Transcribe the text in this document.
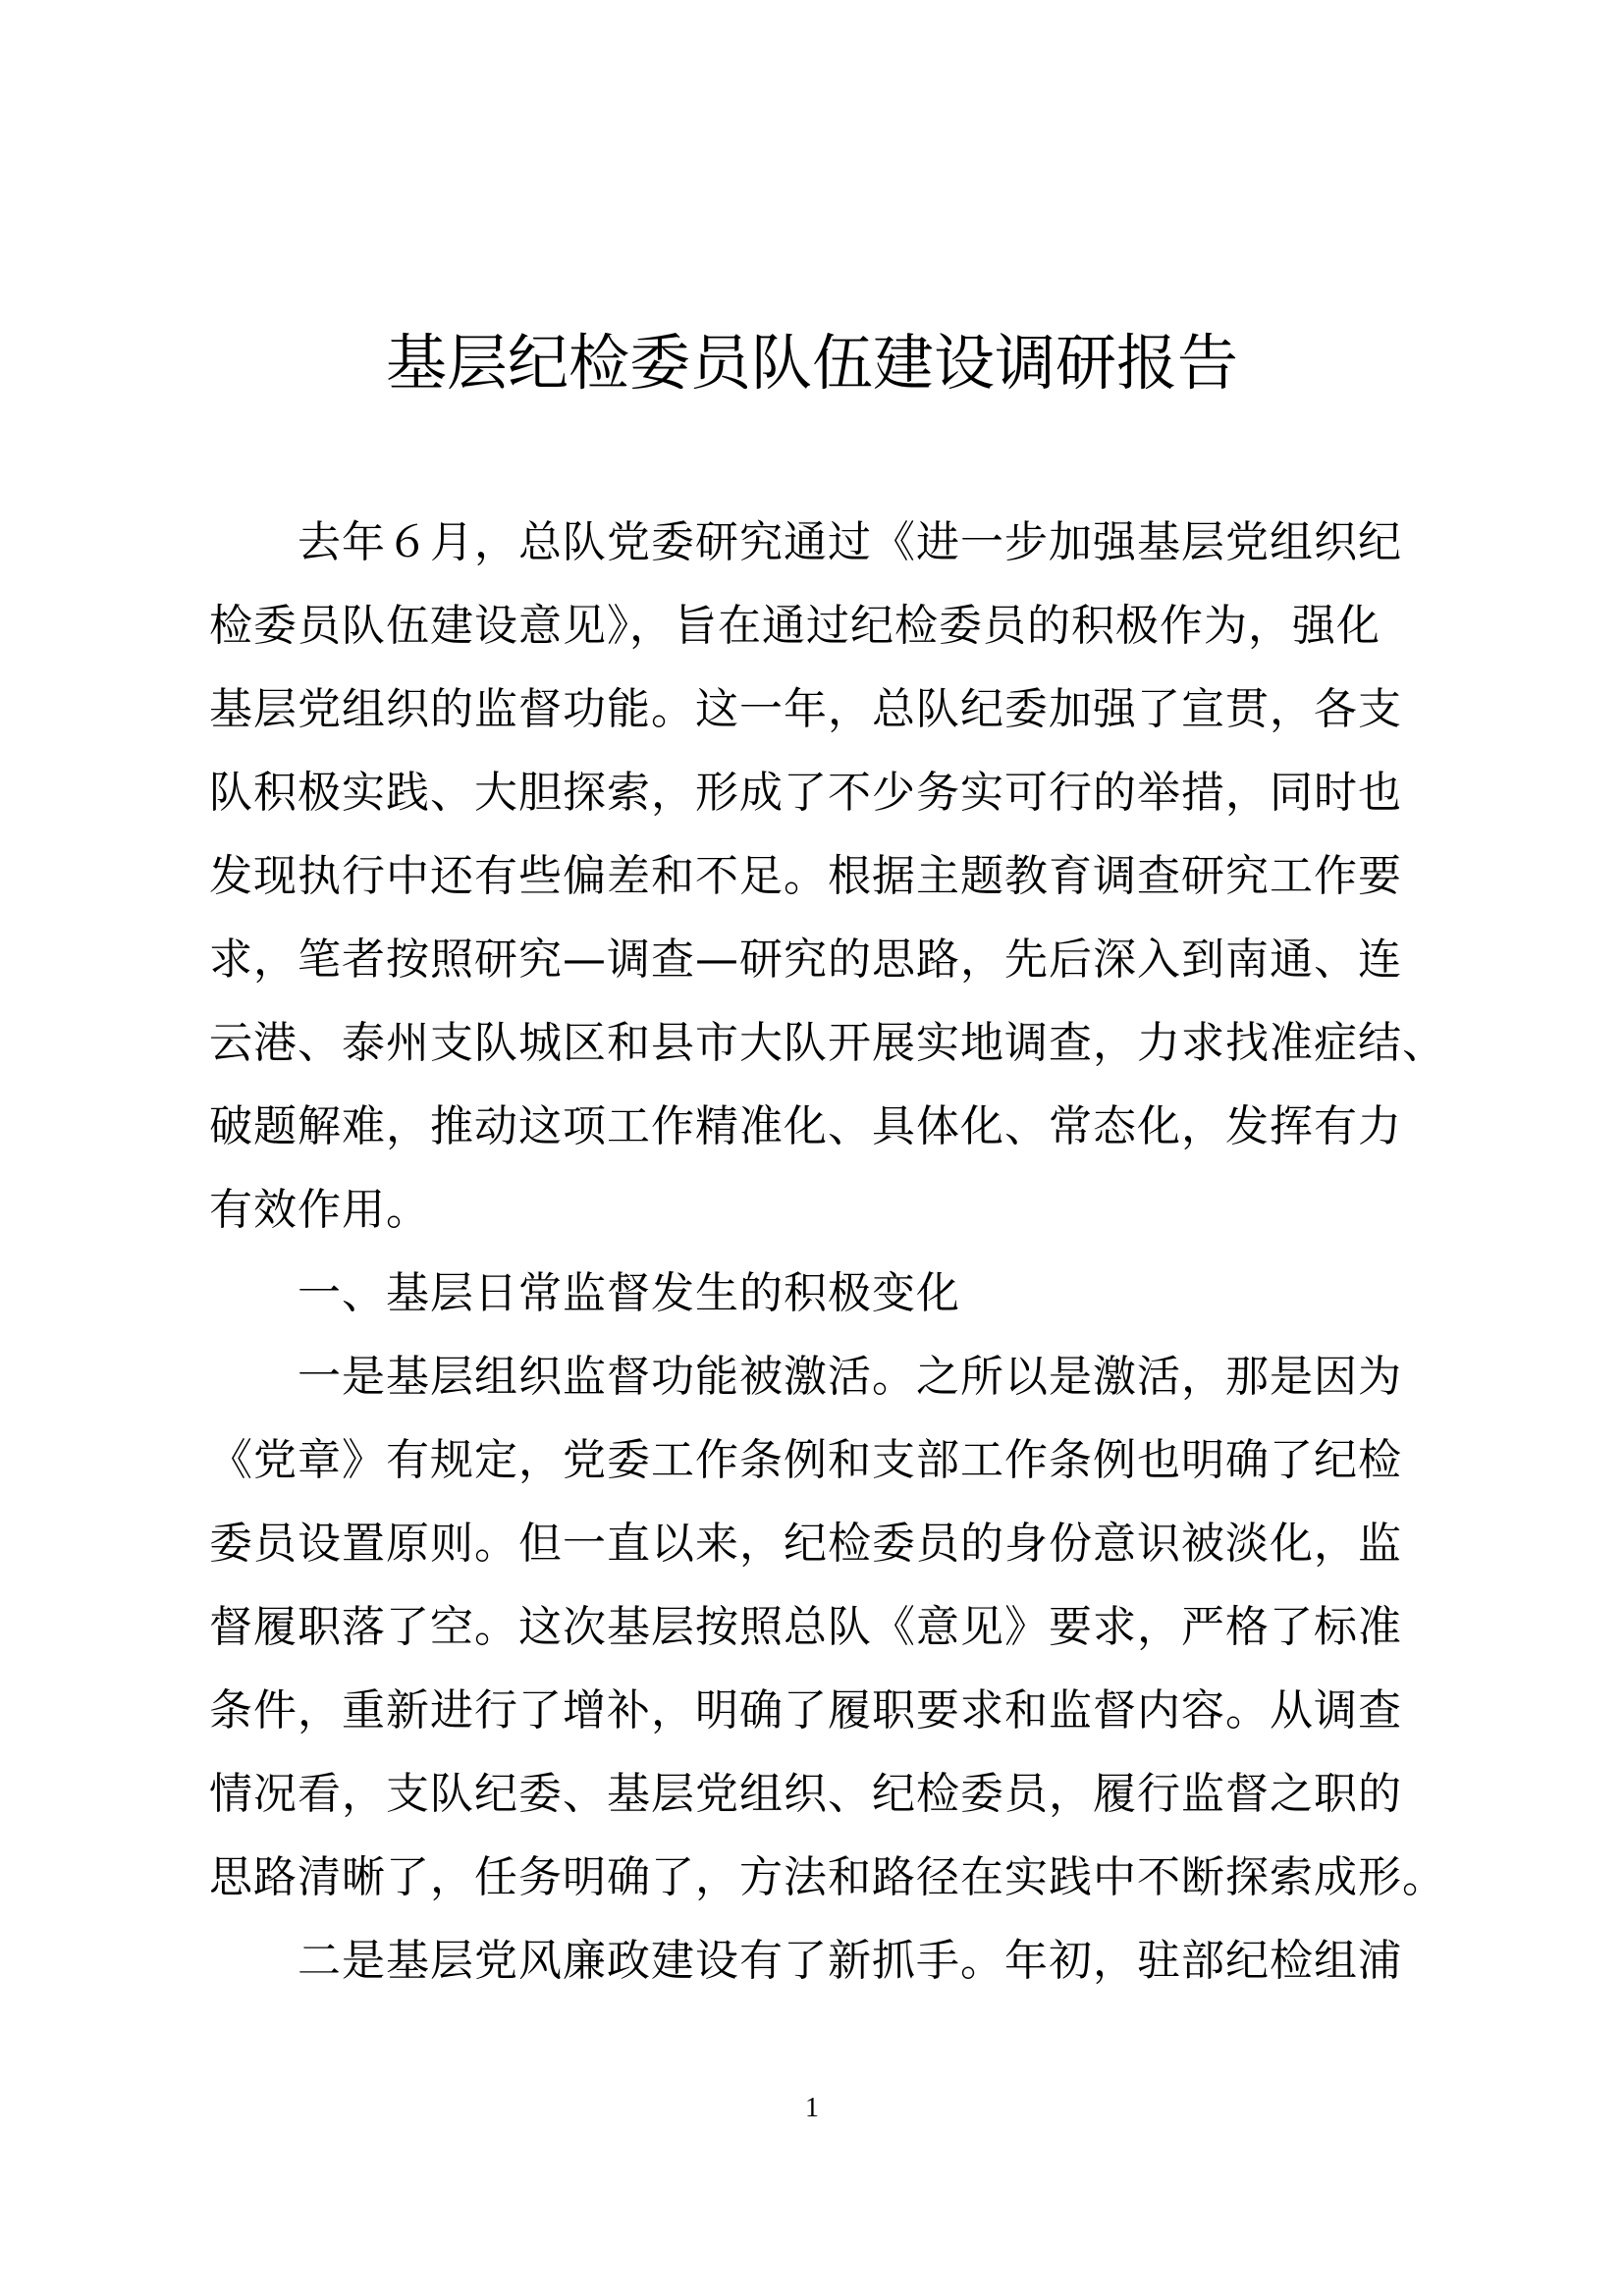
基层纪检委员队伍建设调研报告
去年６月，总队党委研究通过《进一步加强基层党组织纪
检委员队伍建设意见》，旨在通过纪检委员的积极作为，强化
基层党组织的监督功能。这一年，总队纪委加强了宣贯，各支
队积极实践、大胆探索，形成了不少务实可行的举措，同时也
发现执行中还有些偏差和不足。根据主题教育调查研究工作要
求，笔者按照研究—调查—研究的思路，先后深入到南通、连
云港、泰州支队城区和县市大队开展实地调查，力求找准症结、
破题解难，推动这项工作精准化、具体化、常态化，发挥有力
有效作用。
一、基层日常监督发生的积极变化
一是基层组织监督功能被激活。之所以是激活，那是因为
《党章》有规定，党委工作条例和支部工作条例也明确了纪检
委员设置原则。但一直以来，纪检委员的身份意识被淡化，监
督履职落了空。这次基层按照总队《意见》要求，严格了标准
条件，重新进行了增补，明确了履职要求和监督内容。从调查
情况看，支队纪委、基层党组织、纪检委员，履行监督之职的
思路清晰了，任务明确了，方法和路径在实践中不断探索成形。
二是基层党风廉政建设有了新抓手。年初，驻部纪检组浦
1
